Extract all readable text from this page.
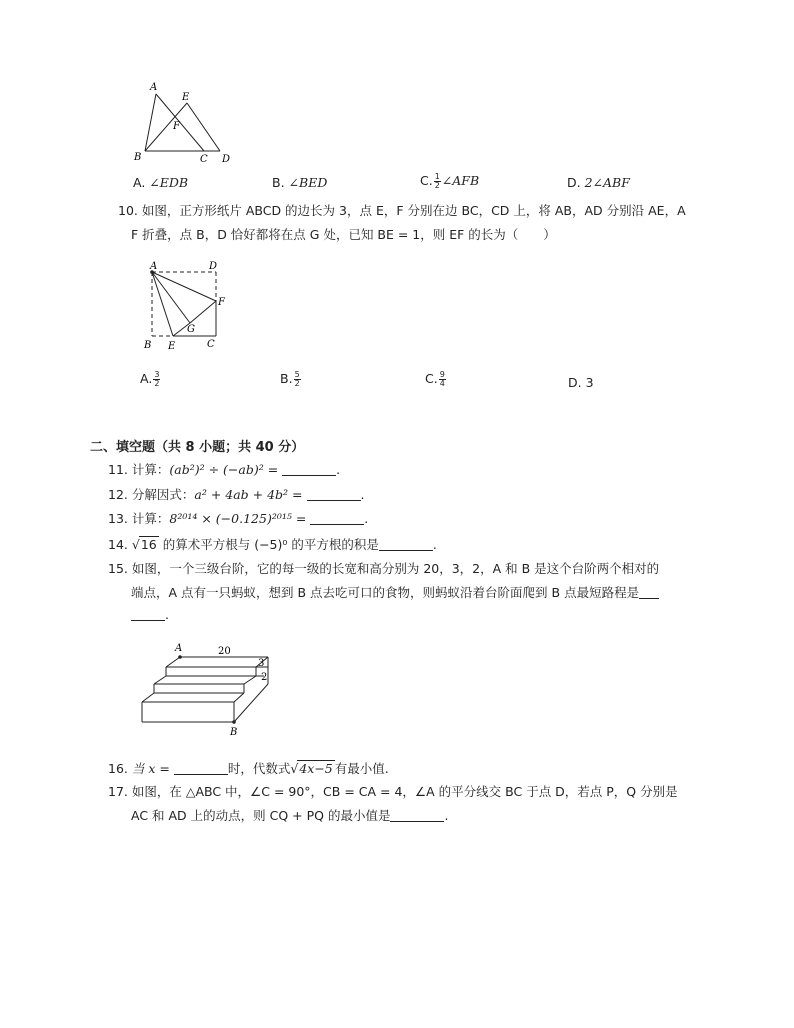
A
E
F
B	C D
A. ∠EDB	B. ∠BED	C. $\frac{1}{2}$ ∠AFB	D. 2∠ABF
10. 如图，正方形纸片 ABCD 的边长为 3，点 E，F 分别在边 BC，CD 上，将 AB，AD 分别沿 AE，A
F 折叠，点 B，D 恰好都将在点 G 处，已知 BE = 1，则 EF 的长为（　　）
A	D
F
G
B E	C
A. $\frac{3}{2}$	B. $\frac{5}{2}$	C. $\frac{9}{4}$	D. 3
二、填空题（共 8 小题；共 40 分）
11. 计算：(ab²)² ÷ (−ab)² =	.
12. 分解因式：a² + 4ab + 4b² =	.
13. 计算：8²⁰¹⁴ × (−0.125)²⁰¹⁵ =	.
14. √16 的算术平方根与 (−5)⁰ 的平方根的积是	.
15. 如图，一个三级台阶，它的每一级的长宽和高分别为 20，3，2，A 和 B 是这个台阶两个相对的
端点，A 点有一只蚂蚁，想到 B 点去吃可口的食物，则蚂蚁沿着台阶面爬到 B 点最短路程是
.
A	20
3
2
B
16. 当 x =	时，代数式√4x−5 有最小值.
17. 如图，在 △ABC 中，∠C = 90°，CB = CA = 4，∠A 的平分线交 BC 于点 D，若点 P，Q 分别是
AC 和 AD 上的动点，则 CQ + PQ 的最小值是	.
